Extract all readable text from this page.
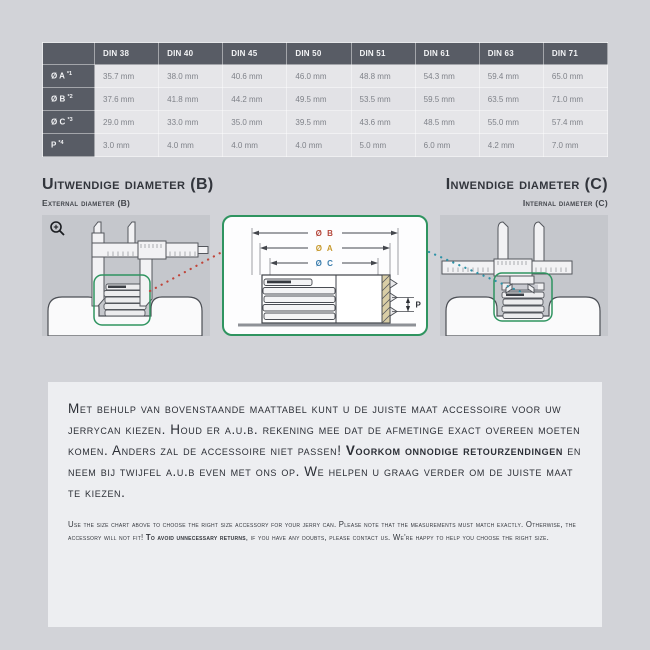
	DIN 38	DIN 40	DIN 45	DIN 50	DIN 51	DIN 61	DIN 63	DIN 71
Ø A $^{*1}$	35.7 mm	38.0 mm	40.6 mm	46.0 mm	48.8 mm	54.3 mm	59.4 mm	65.0 mm
Ø B $^{*2}$	37.6 mm	41.8 mm	44.2 mm	49.5 mm	53.5 mm	59.5 mm	63.5 mm	71.0 mm
Ø C $^{*3}$	29.0 mm	33.0 mm	35.0 mm	39.5 mm	43.6 mm	48.5 mm	55.0 mm	57.4 mm
P $^{*4}$	3.0 mm	4.0 mm	4.0 mm	4.0 mm	5.0 mm	6.0 mm	4.2 mm	7.0 mm
Uitwendige diameter (B)
External diameter (B)
Inwendige diameter (C)
Internal diameter (C)
Ø B
Ø A
Ø C
P

Met behulp van bovenstaande maattabel kunt u de juiste maat accessoire voor uw jerrycan kiezen. Houd er a.u.b. rekening mee dat de afmetinge exact overeen moeten komen. Anders zal de accessoire niet passen! Voorkom onnodige retourzendingen en neem bij twijfel a.u.b even met ons op. We helpen u graag verder om de juiste maat te kiezen.

Use the size chart above to choose the right size accessory for your jerry can. Please note that the measurements must match exactly. Otherwise, the accessory will not fit! To avoid unnecessary returns, if you have any doubts, please contact us. We're happy to help you choose the right size.
